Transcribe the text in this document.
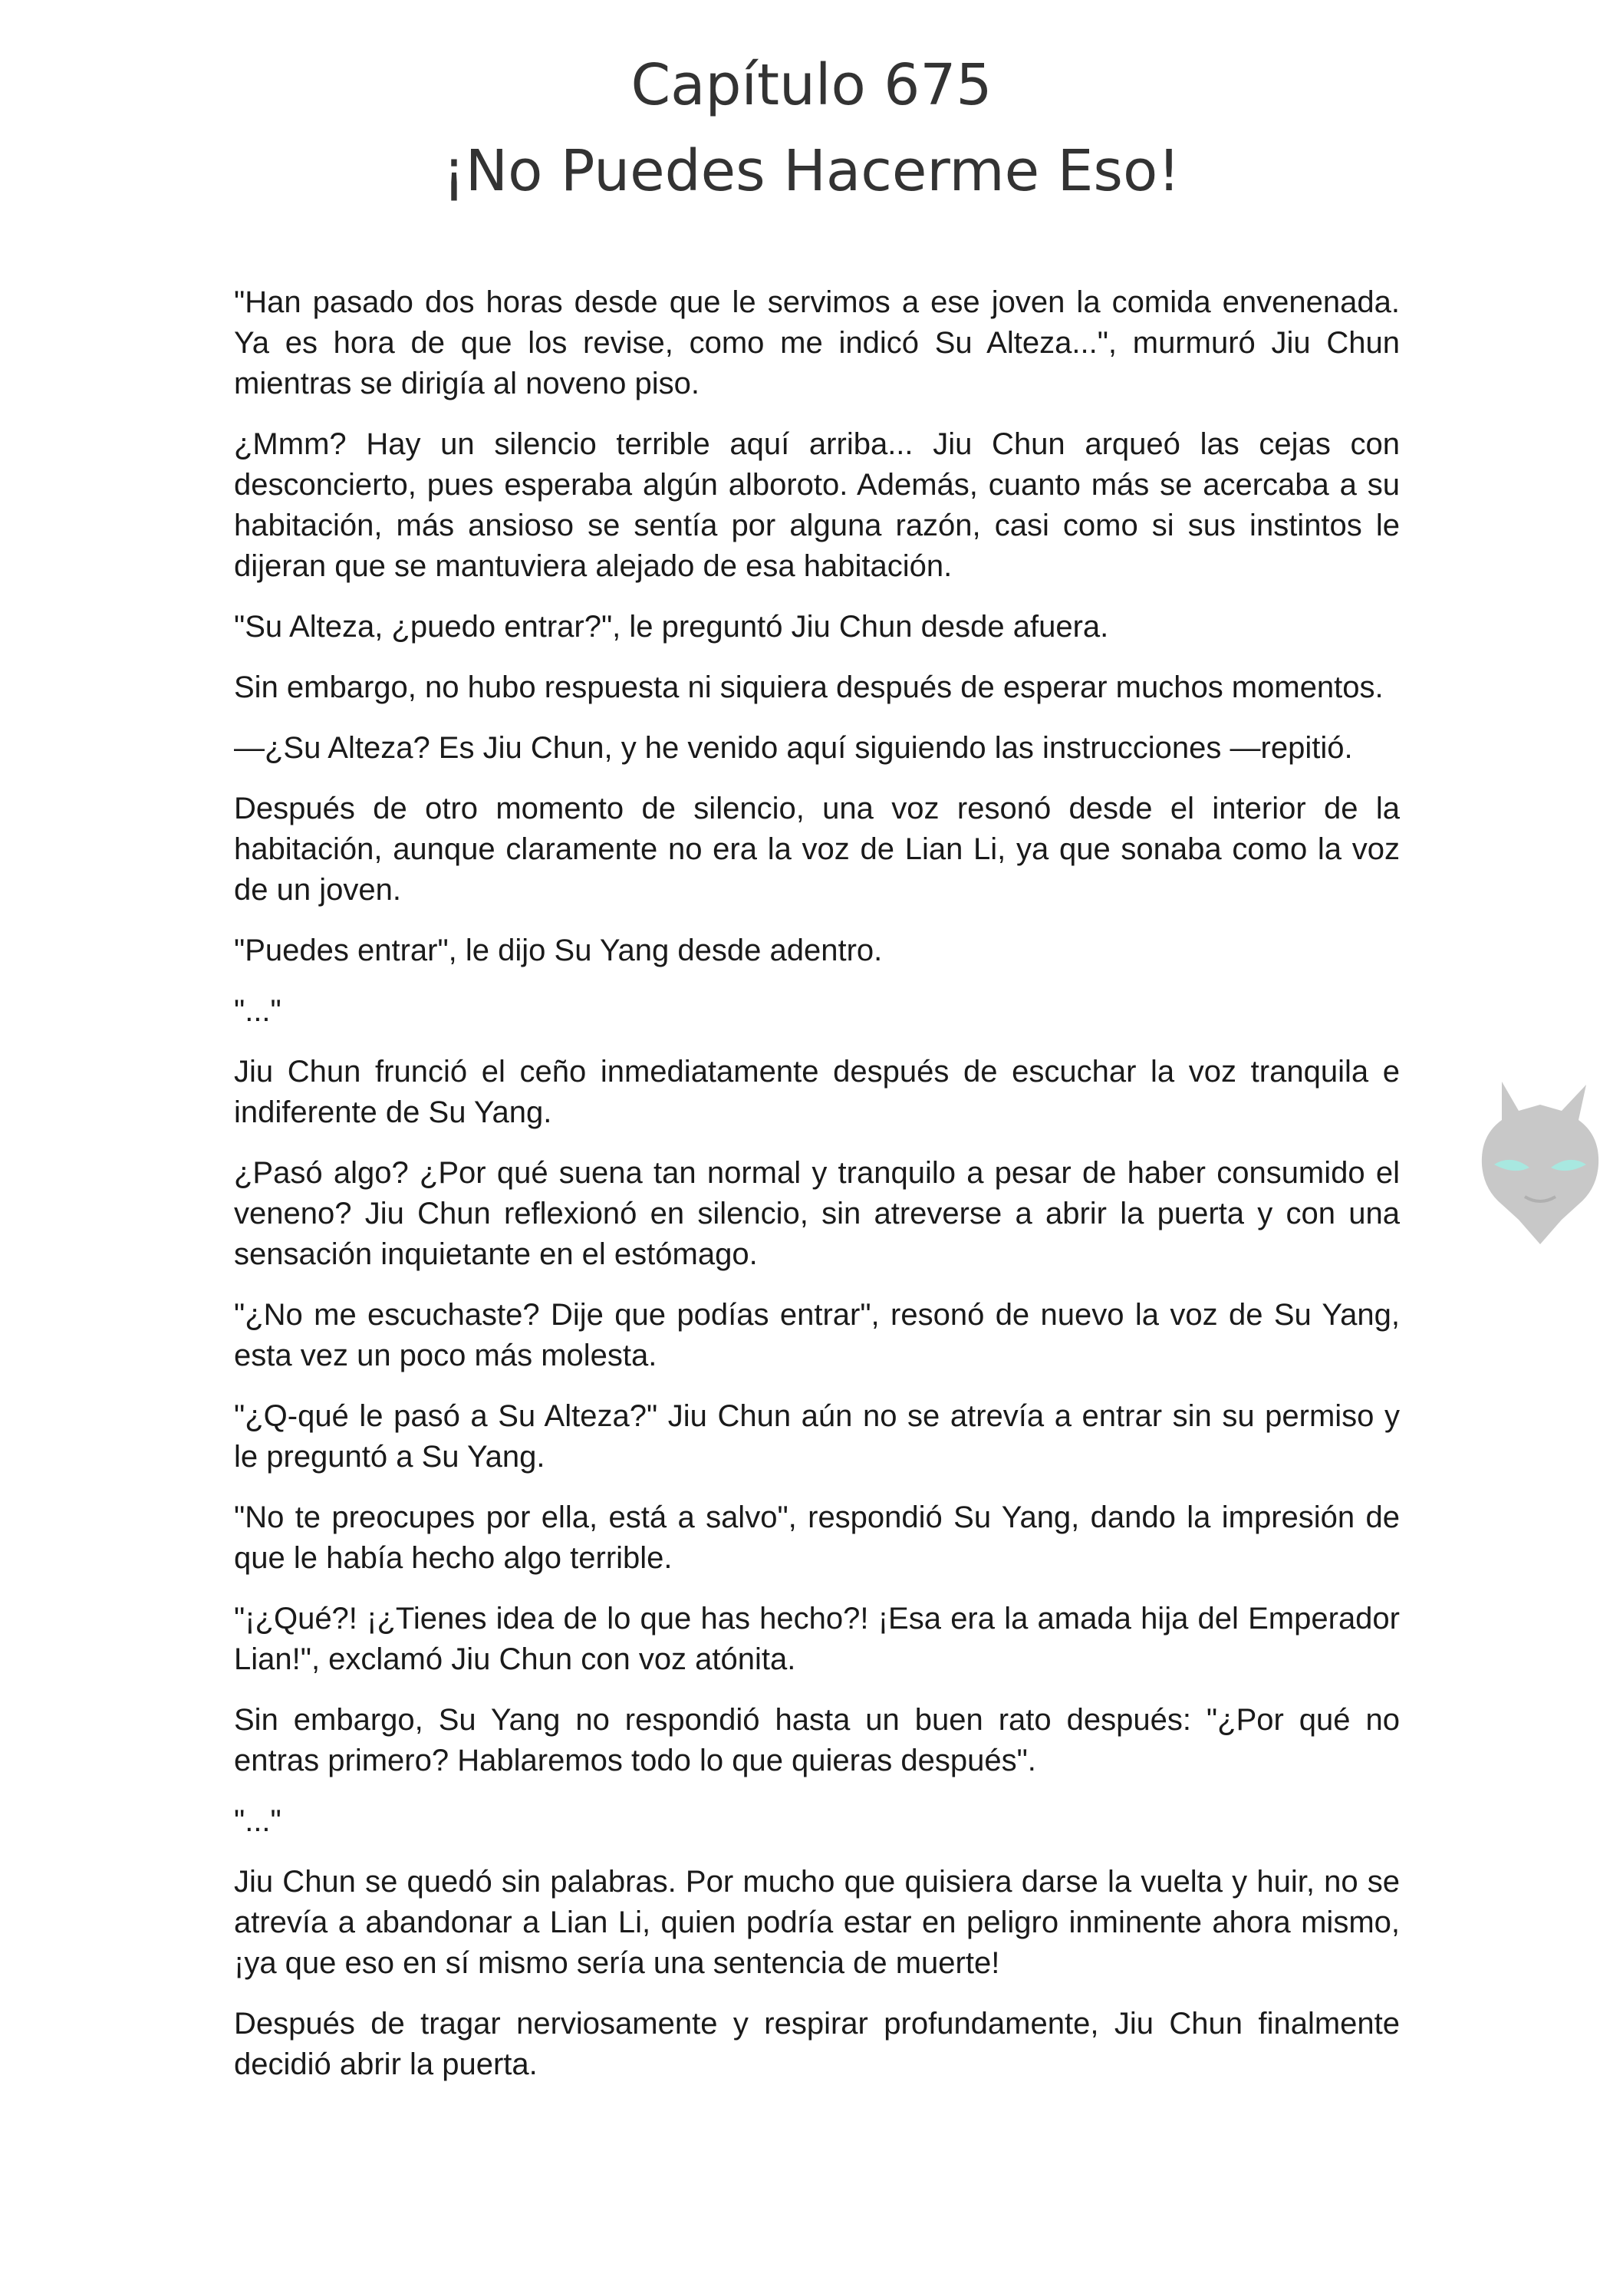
Capítulo 675
¡No Puedes Hacerme Eso!

"Han pasado dos horas desde que le servimos a ese joven la comida envenenada. Ya es hora de que los revise, como me indicó Su Alteza...", murmuró Jiu Chun mientras se dirigía al noveno piso.

¿Mmm? Hay un silencio terrible aquí arriba... Jiu Chun arqueó las cejas con desconcierto, pues esperaba algún alboroto. Además, cuanto más se acercaba a su habitación, más ansioso se sentía por alguna razón, casi como si sus instintos le dijeran que se mantuviera alejado de esa habitación.

"Su Alteza, ¿puedo entrar?", le preguntó Jiu Chun desde afuera.

Sin embargo, no hubo respuesta ni siquiera después de esperar muchos momentos.

—¿Su Alteza? Es Jiu Chun, y he venido aquí siguiendo las instrucciones —repitió.

Después de otro momento de silencio, una voz resonó desde el interior de la habitación, aunque claramente no era la voz de Lian Li, ya que sonaba como la voz de un joven.

"Puedes entrar", le dijo Su Yang desde adentro.

"..."

Jiu Chun frunció el ceño inmediatamente después de escuchar la voz tranquila e indiferente de Su Yang.

¿Pasó algo? ¿Por qué suena tan normal y tranquilo a pesar de haber consumido el veneno? Jiu Chun reflexionó en silencio, sin atreverse a abrir la puerta y con una sensación inquietante en el estómago.

"¿No me escuchaste? Dije que podías entrar", resonó de nuevo la voz de Su Yang, esta vez un poco más molesta.

"¿Q-qué le pasó a Su Alteza?" Jiu Chun aún no se atrevía a entrar sin su permiso y le preguntó a Su Yang.

"No te preocupes por ella, está a salvo", respondió Su Yang, dando la impresión de que le había hecho algo terrible.

"¡¿Qué?! ¡¿Tienes idea de lo que has hecho?! ¡Esa era la amada hija del Emperador Lian!", exclamó Jiu Chun con voz atónita.

Sin embargo, Su Yang no respondió hasta un buen rato después: "¿Por qué no entras primero? Hablaremos todo lo que quieras después".

"..."

Jiu Chun se quedó sin palabras. Por mucho que quisiera darse la vuelta y huir, no se atrevía a abandonar a Lian Li, quien podría estar en peligro inminente ahora mismo, ¡ya que eso en sí mismo sería una sentencia de muerte!

Después de tragar nerviosamente y respirar profundamente, Jiu Chun finalmente decidió abrir la puerta.
